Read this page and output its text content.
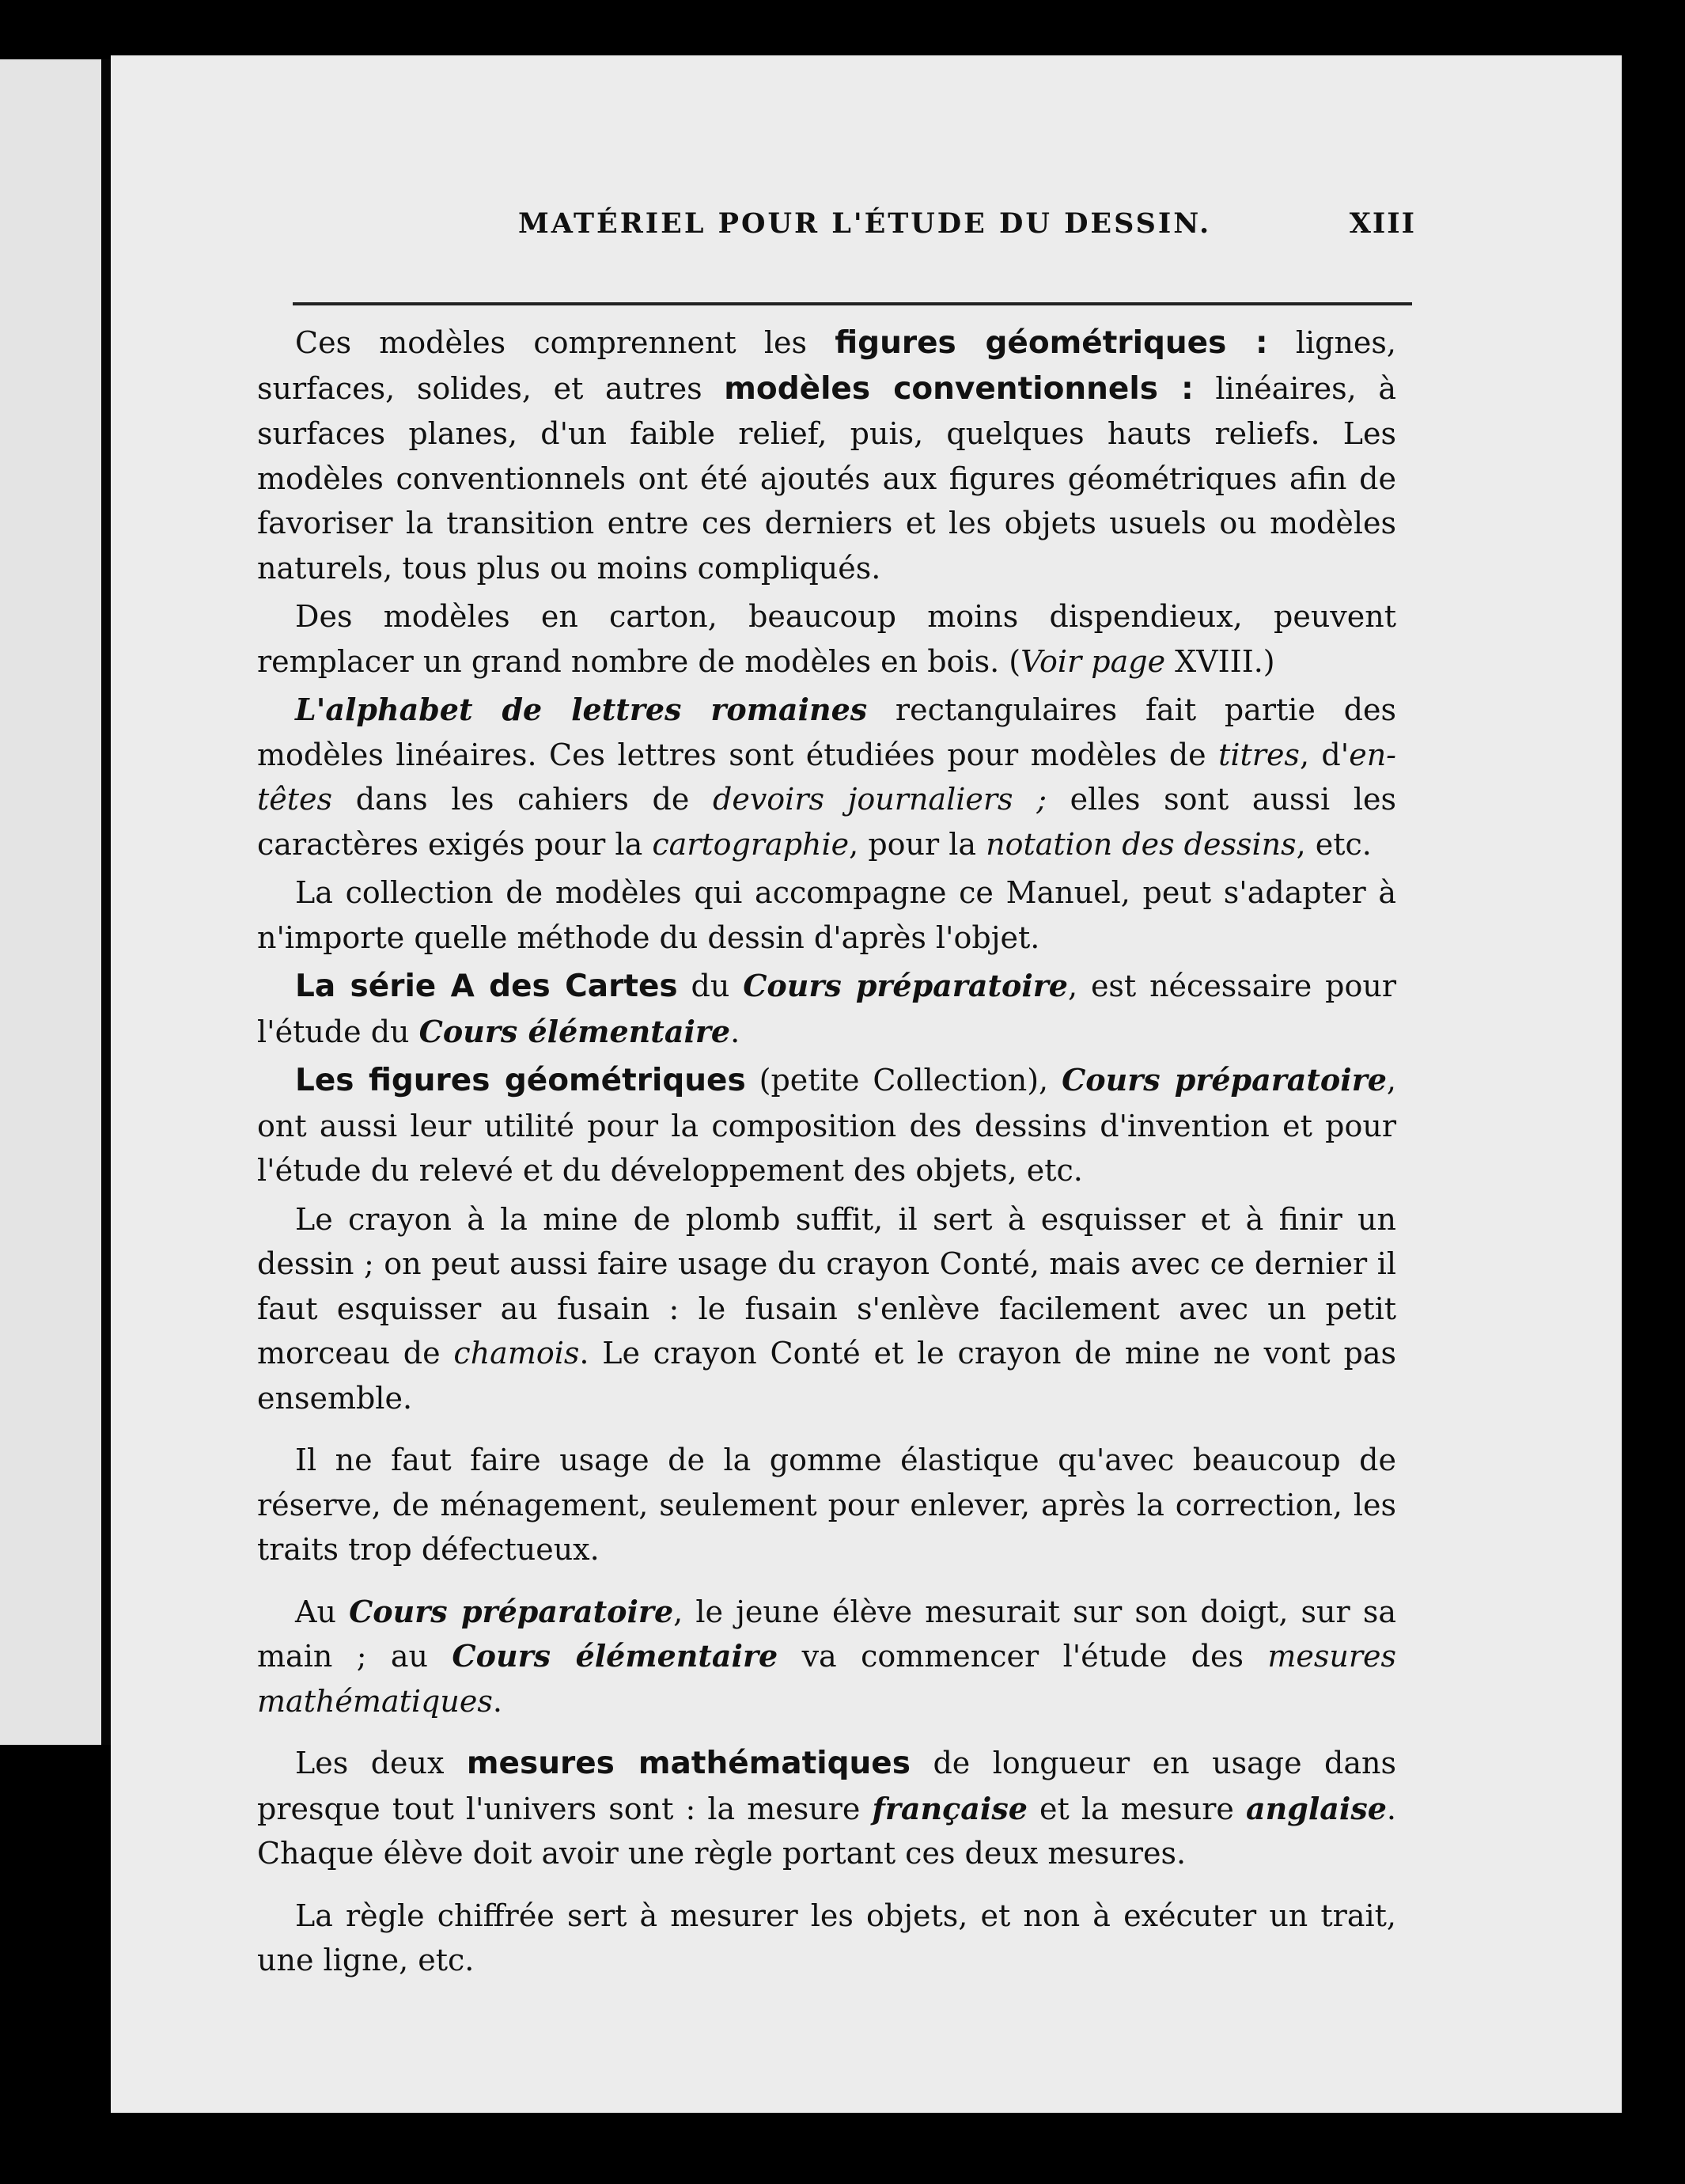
MATÉRIEL POUR L'ÉTUDE DU DESSIN.	XIII

Ces modèles comprennent les figures géométriques : lignes, surfaces, solides, et autres modèles conventionnels : linéaires, à surfaces planes, d'un faible relief, puis, quelques hauts reliefs. Les modèles conventionnels ont été ajoutés aux figures géométriques afin de favoriser la transition entre ces derniers et les objets usuels ou modèles naturels, tous plus ou moins compliqués.

Des modèles en carton, beaucoup moins dispendieux, peuvent remplacer un grand nombre de modèles en bois. (Voir page XVIII.)

L'alphabet de lettres romaines rectangulaires fait partie des modèles linéaires. Ces lettres sont étudiées pour modèles de titres, d'en-têtes dans les cahiers de devoirs journaliers ; elles sont aussi les caractères exigés pour la cartographie, pour la notation des dessins, etc.

La collection de modèles qui accompagne ce Manuel, peut s'adapter à n'importe quelle méthode du dessin d'après l'objet.

La série A des Cartes du Cours préparatoire, est nécessaire pour l'étude du Cours élémentaire.

Les figures géométriques (petite Collection), Cours préparatoire, ont aussi leur utilité pour la composition des dessins d'invention et pour l'étude du relevé et du développement des objets, etc.

Le crayon à la mine de plomb suffit, il sert à esquisser et à finir un dessin ; on peut aussi faire usage du crayon Conté, mais avec ce dernier il faut esquisser au fusain : le fusain s'enlève facilement avec un petit morceau de chamois. Le crayon Conté et le crayon de mine ne vont pas ensemble.

Il ne faut faire usage de la gomme élastique qu'avec beaucoup de réserve, de ménagement, seulement pour enlever, après la correction, les traits trop défectueux.

Au Cours préparatoire, le jeune élève mesurait sur son doigt, sur sa main ; au Cours élémentaire va commencer l'étude des mesures mathématiques.

Les deux mesures mathématiques de longueur en usage dans presque tout l'univers sont : la mesure française et la mesure anglaise. Chaque élève doit avoir une règle portant ces deux mesures.

La règle chiffrée sert à mesurer les objets, et non à exécuter un trait, une ligne, etc.
